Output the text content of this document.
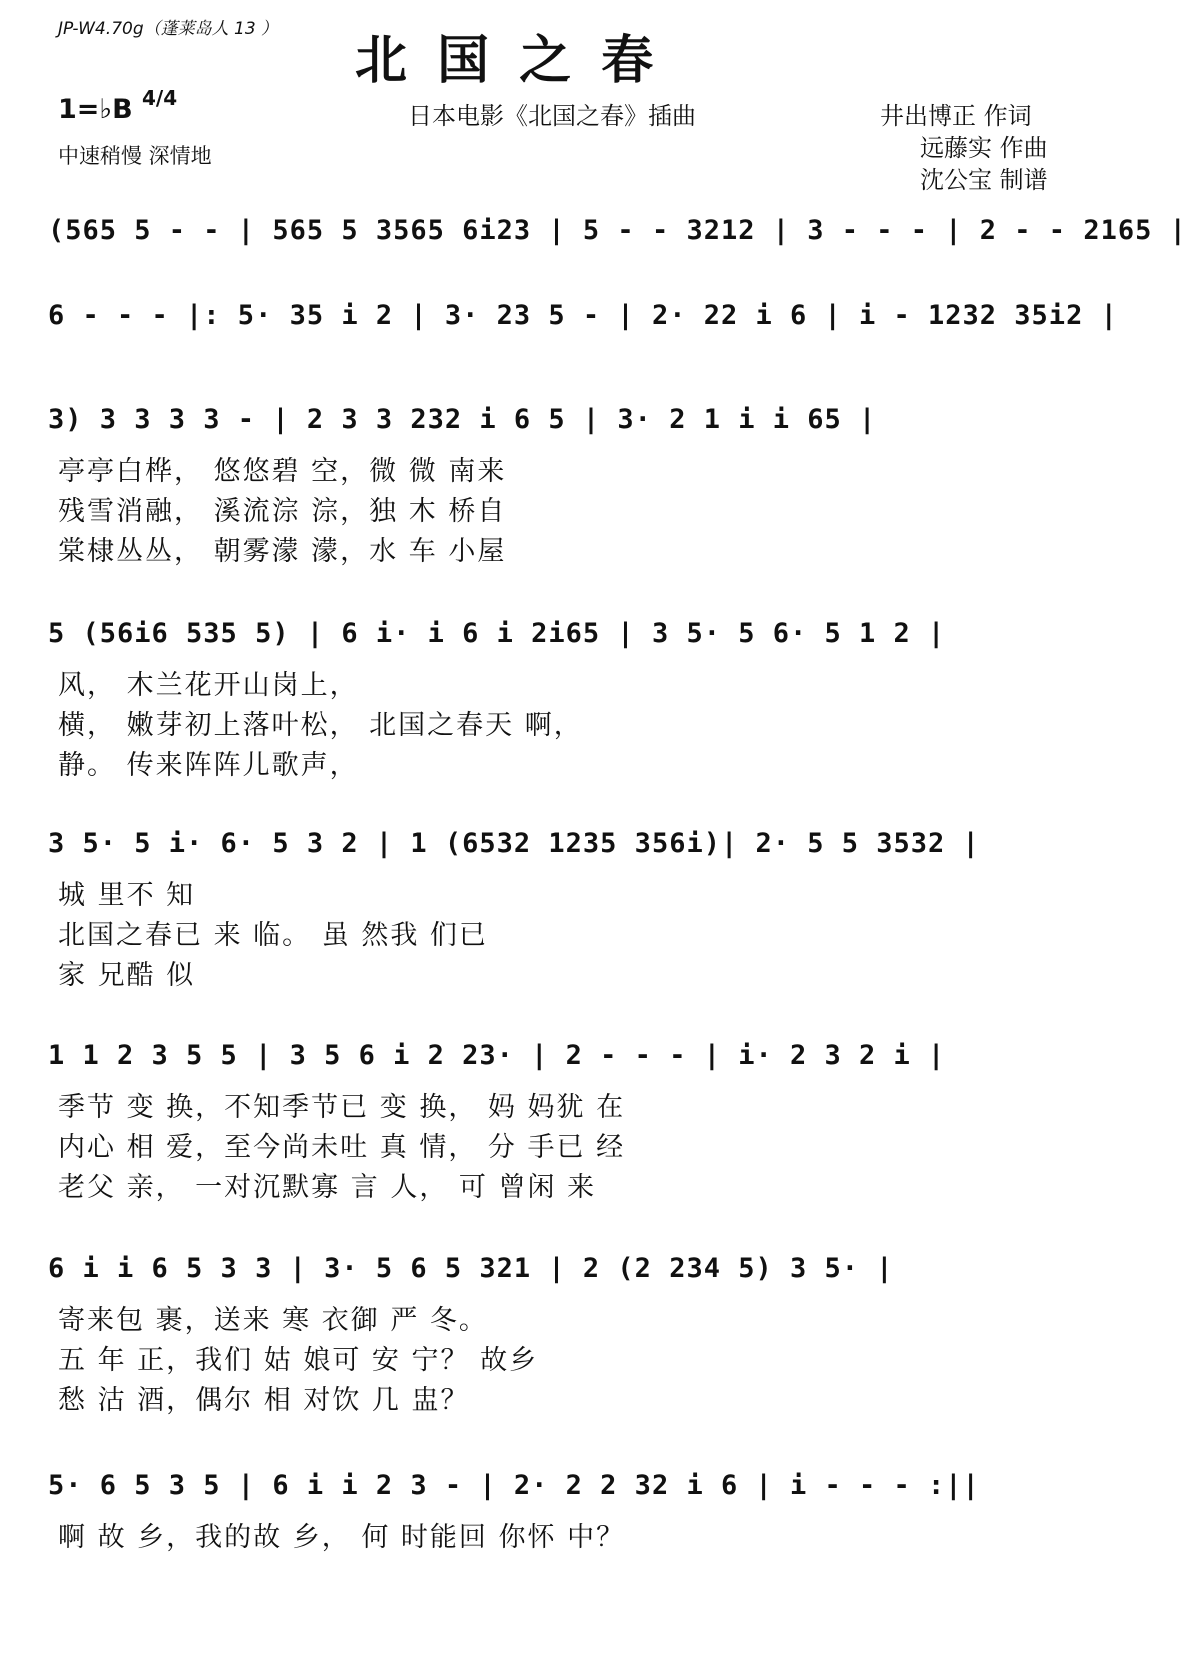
JP-W4.70g（蓬莱岛人 13 ）
北 国 之 春
1=♭B 4/4
中速稍慢 深情地
日本电影《北国之春》插曲	井出博正 作词
远藤实 作曲
沈公宝 制谱
(565 5 - - | 565 5 3565 6i23 | 5 - - 3212 | 3 - - - | 2 - - 2165 |
6 - - - |: 5· 35 i 2 | 3· 23 5 - | 2· 22 i 6 | i - 1232 35i2 |
3) 3 3 3 3 - | 2 3 3 232 i 6 5 | 3· 2 1 i i 65 |
亭亭白桦， 悠悠碧 空，微 微 南来
残雪消融， 溪流淙 淙，独 木 桥自
棠棣丛丛， 朝雾濛 濛，水 车 小屋
5 (56i6 535 5) | 6 i· i 6 i 2i65 | 3 5· 5 6· 5 1 2 |
风， 木兰花开山岗上，
横， 嫩芽初上落叶松， 北国之春天 啊，
静。 传来阵阵儿歌声，
3 5· 5 i· 6· 5 3 2 | 1 (6532 1235 356i)| 2· 5 5 3532 |
城 里不 知
北国之春已 来 临。 虽 然我 们已
家 兄酷 似
1 1 2 3 5 5 | 3 5 6 i 2 23· | 2 - - - | i· 2 3 2 i |
季节 变 换，不知季节已 变 换， 妈 妈犹 在
内心 相 爱，至今尚未吐 真 情， 分 手已 经
老父 亲， 一对沉默寡 言 人， 可 曾闲 来
6 i i 6 5 3 3 | 3· 5 6 5 321 | 2 (2 234 5) 3 5· |
寄来包 裹，送来 寒 衣御 严 冬。
五 年 正，我们 姑 娘可 安 宁？ 故乡
愁 沽 酒，偶尔 相 对饮 几 盅？
5· 6 5 3 5 | 6 i i 2 3 - | 2· 2 2 32 i 6 | i - - - :||
啊 故 乡，我的故 乡， 何 时能回 你怀 中？
